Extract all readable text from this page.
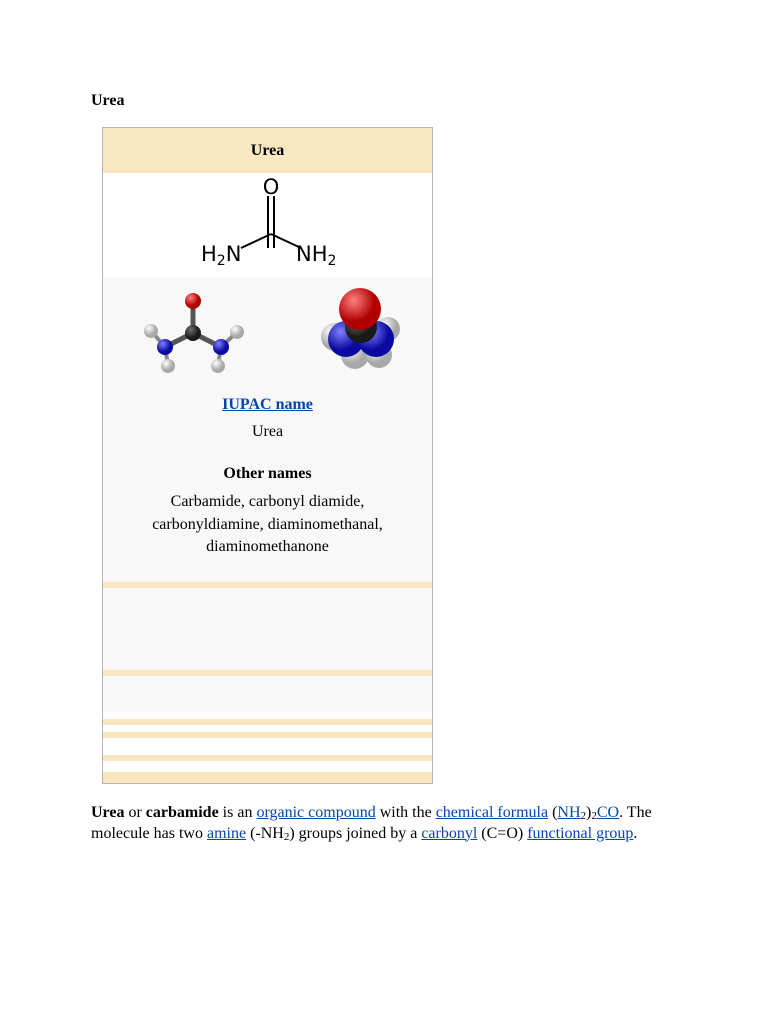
Urea
Urea
O
H2N	NH2
IUPAC name
Urea
Other names
Carbamide, carbonyl diamide, carbonyldiamine, diaminomethanal, diaminomethanone
Urea or carbamide is an organic compound with the chemical formula $(NH_2)_2CO$. The molecule has two amine $(-NH_2)$ groups joined by a carbonyl (C=O) functional group.
